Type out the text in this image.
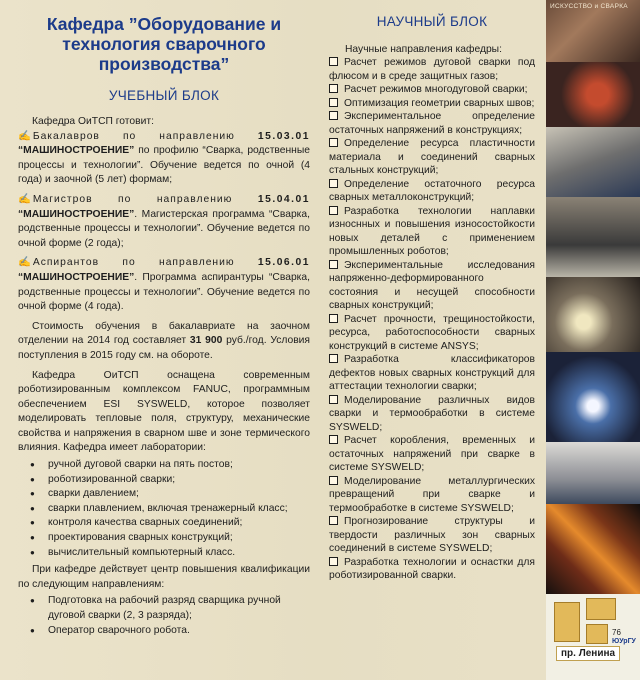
Кафедра ”Оборудование и
технология сварочного
производства”
УЧЕБНЫЙ БЛОК
Кафедра ОиТСП готовит:
✍ Бакалавров по направлению 15.03.01
“МАШИНОСТРОЕНИЕ” по профилю “Сварка, родственные процессы и технологии”. Обучение ведется по очной (4 года) и заочной (5 лет) формам;
✍ Магистров по направлению 15.04.01
“МАШИНОСТРОЕНИЕ”. Магистерская программа “Сварка, родственные процессы и технологии”. Обучение ведется по очной форме (2 года);
✍ Аспирантов по направлению 15.06.01
“МАШИНОСТРОЕНИЕ”. Программа аспирантуры “Сварка, родственные процессы и технологии”. Обучение ведется по очной форме (4 года).
Стоимость обучения в бакалавриате на заочном отделении на 2014 год составляет 31 900 руб./год. Условия поступления в 2015 году см. на обороте.
Кафедра ОиТСП оснащена современным роботизированным комплексом FANUC, программным обеспечением ESI SYSWELD, которое позволяет моделировать тепловые поля, структуру, механические свойства и напряжения в сварном шве и зоне термического влияния. Кафедра имеет лаборатории:
● ручной дуговой сварки на пять постов;
● роботизированной сварки;
● сварки давлением;
● сварки плавлением, включая тренажерный класс;
● контроля качества сварных соединений;
● проектирования сварных конструкций;
● вычислительный компьютерный класс.
При кафедре действует центр повышения квалификации по следующим направлениям:
● Подготовка на рабочий разряд сварщика ручной дуговой сварки (2, 3 разряда);
● Оператор сварочного робота.
НАУЧНЫЙ БЛОК
Научные направления кафедры:
Расчет режимов дуговой сварки под флюсом и в среде защитных газов;
Расчет режимов многодуговой сварки;
Оптимизация геометрии сварных швов;
Экспериментальное определение остаточных напряжений в конструкциях;
Определение ресурса пластичности материала и соединений сварных стальных конструкций;
Определение остаточного ресурса сварных металлоконструкций;
Разработка технологии наплавки износнных и повышения износостойкости новых деталей с применением промышленных роботов;
Экспериментальные исследования напряженно-деформированного состояния и несущей способности сварных конструкций;
Расчет прочности, трещиностойкости, ресурса, работоспособности сварных конструкций в системе ANSYS;
Разработка классификаторов дефектов новых сварных конструкций для аттестации технологии сварки;
Моделирование различных видов сварки и термообработки в системе SYSWELD;
Расчет коробления, временных и остаточных напряжений при сварке в системе SYSWELD;
Моделирование металлургических превращений при сварке и термообработке в системе SYSWELD;
Прогнозирование структуры и твердости различных зон сварных соединений в системе SYSWELD;
Разработка технологии и оснастки для роботизированной сварки.
ИСКУССТВО и СВАРКА
76
ЮУрГУ
пр. Ленина
